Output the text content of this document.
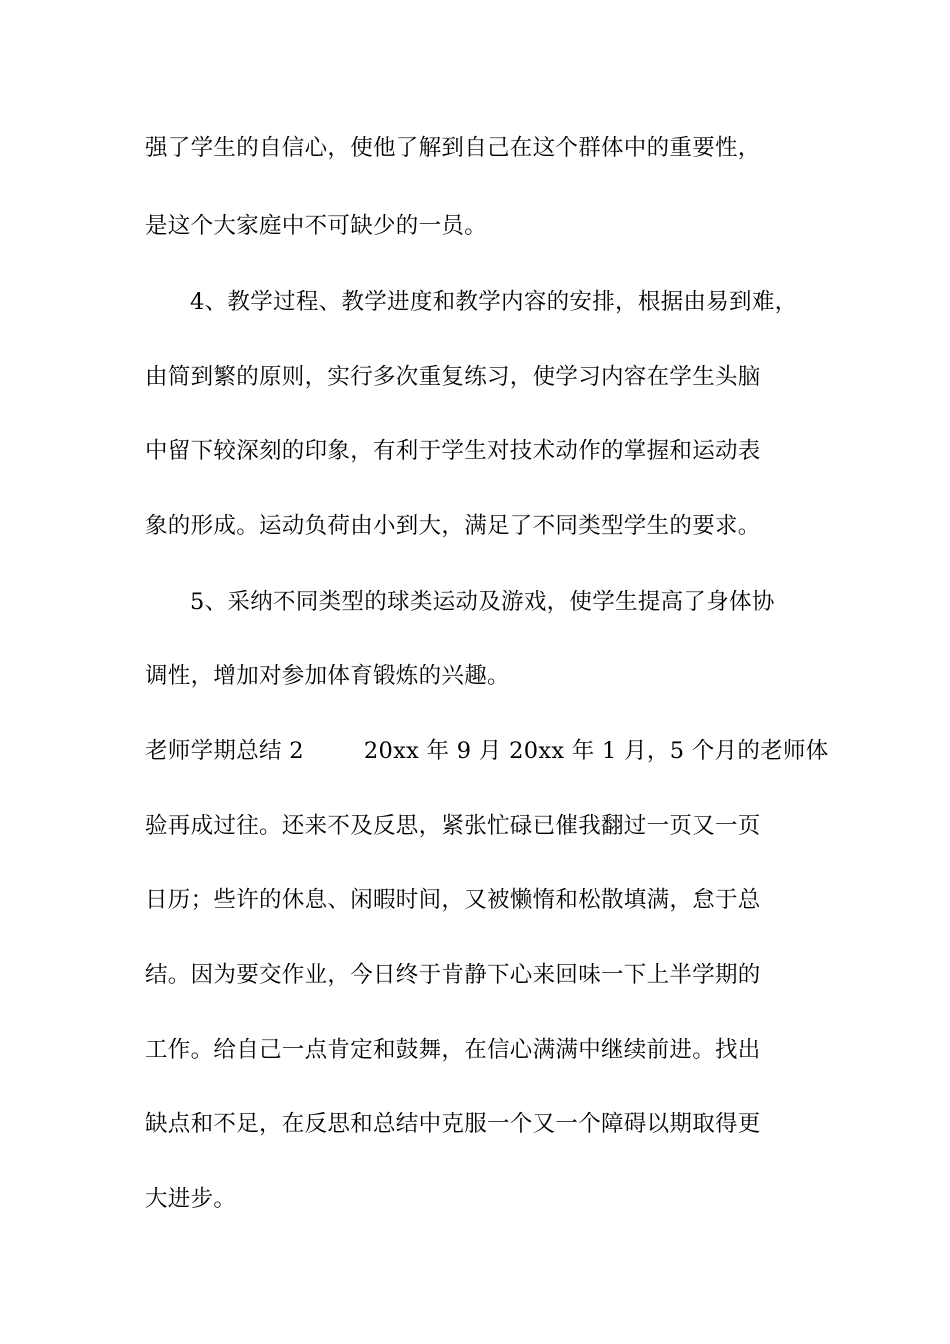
强了学生的自信心，使他了解到自己在这个群体中的重要性，
是这个大家庭中不可缺少的一员。
4、教学过程、教学进度和教学内容的安排，根据由易到难，
由简到繁的原则，实行多次重复练习，使学习内容在学生头脑
中留下较深刻的印象，有利于学生对技术动作的掌握和运动表
象的形成。运动负荷由小到大，满足了不同类型学生的要求。
5、采纳不同类型的球类运动及游戏，使学生提高了身体协
调性，增加对参加体育锻炼的兴趣。
老师学期总结 2	20xx 年 9 月 20xx 年 1 月，5 个月的老师体
验再成过往。还来不及反思，紧张忙碌已催我翻过一页又一页
日历；些许的休息、闲暇时间，又被懒惰和松散填满，怠于总
结。因为要交作业，今日终于肯静下心来回味一下上半学期的
工作。给自己一点肯定和鼓舞，在信心满满中继续前进。找出
缺点和不足，在反思和总结中克服一个又一个障碍以期取得更
大进步。
